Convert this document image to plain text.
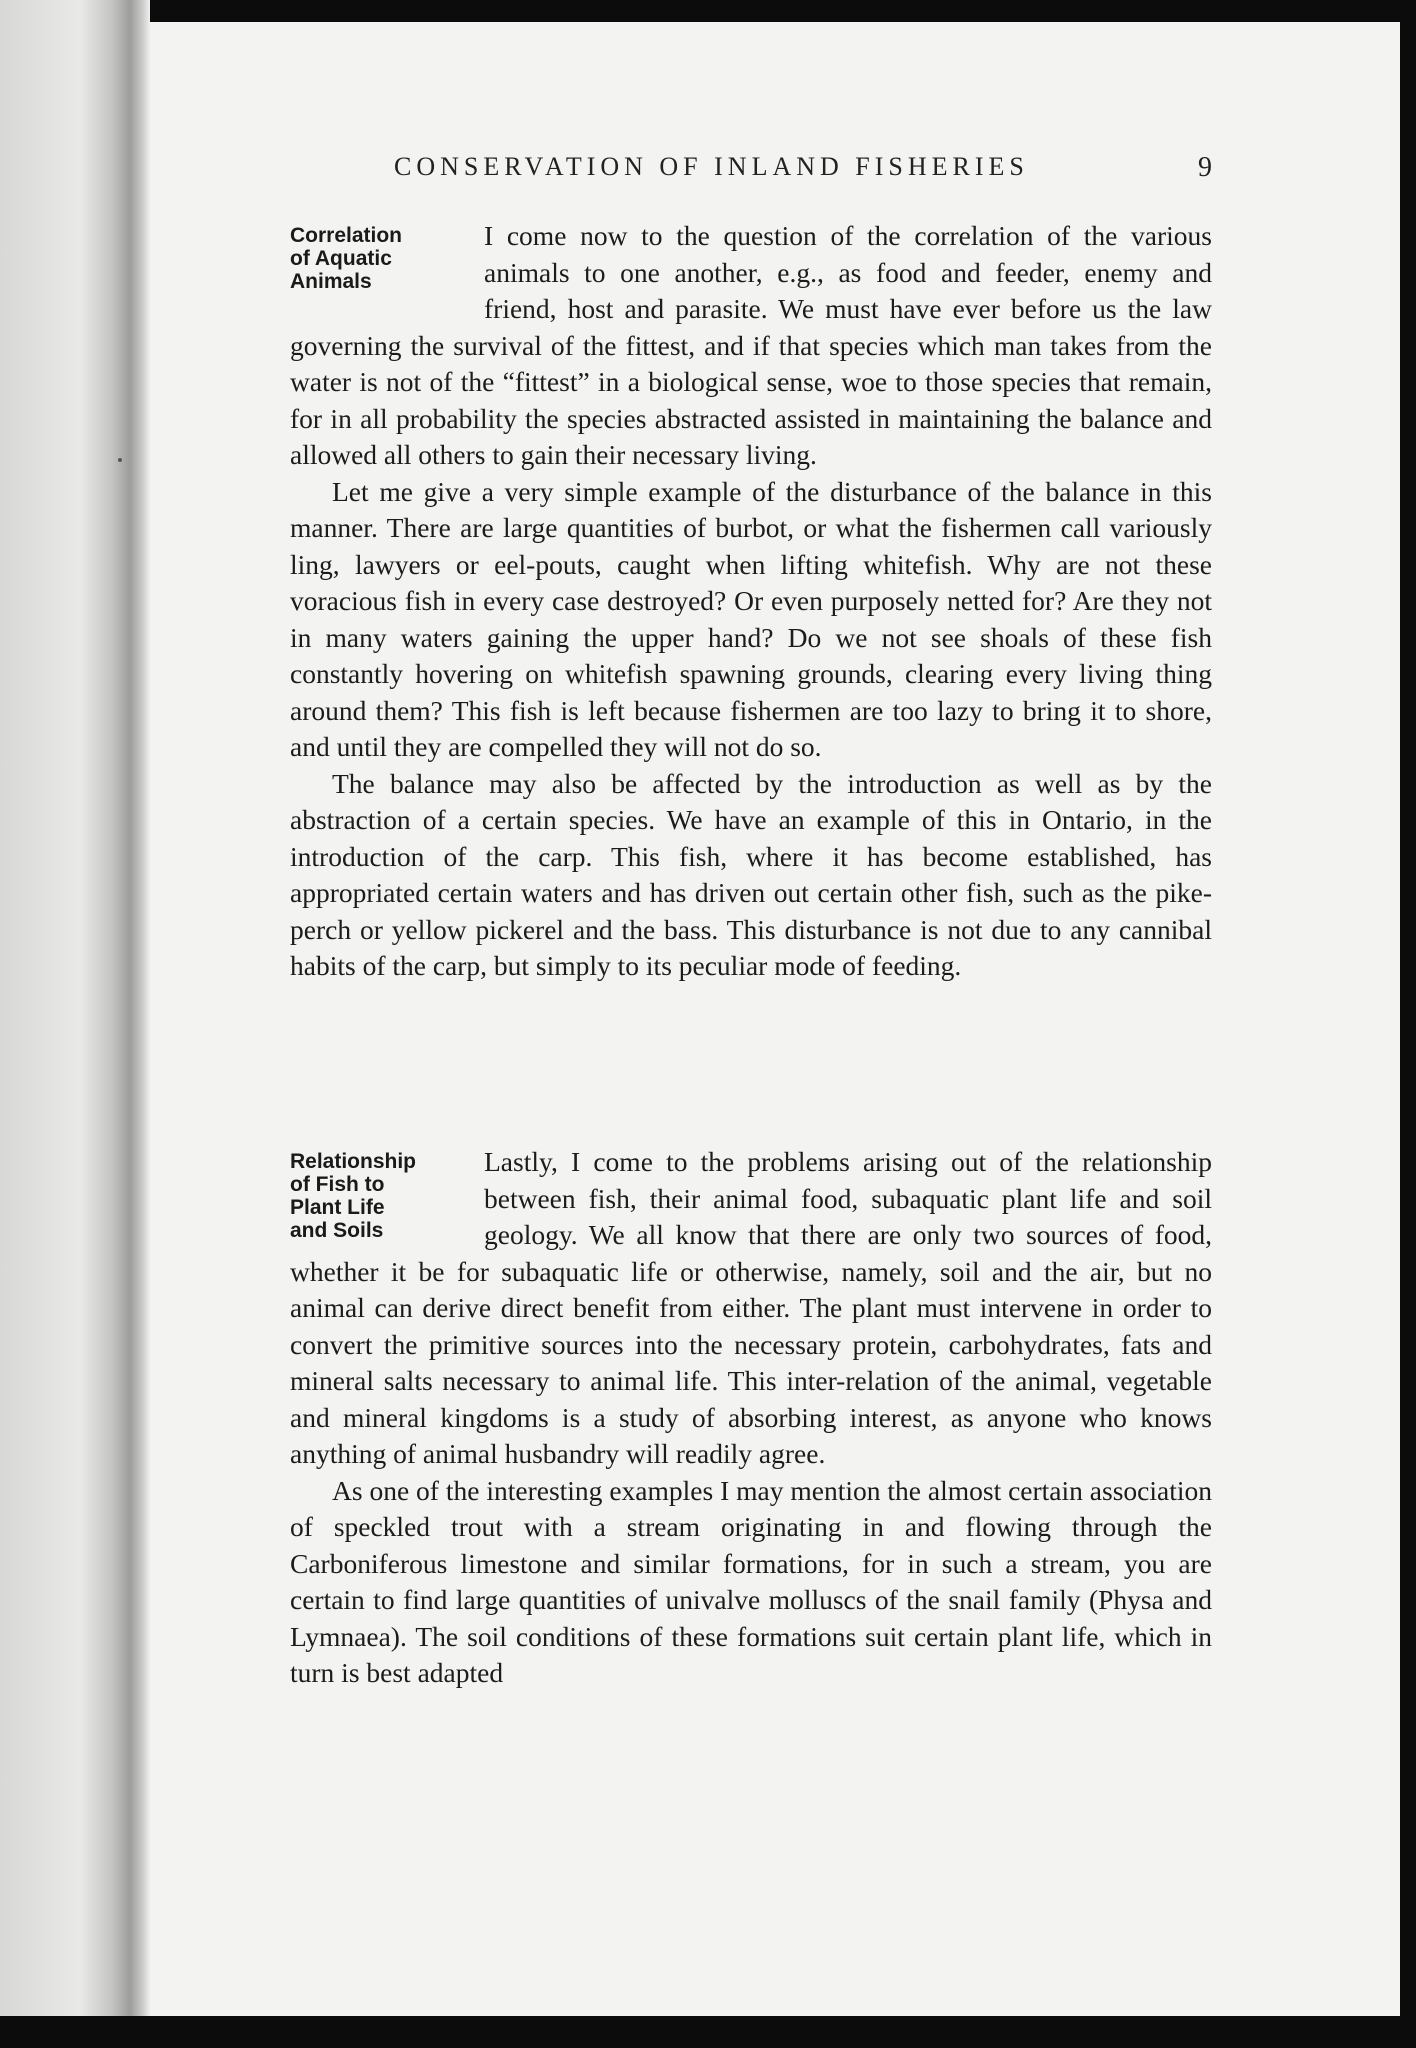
CONSERVATION OF INLAND FISHERIES	9
Correlation
of Aquatic
Animals

I come now to the question of the correlation of the various animals to one another, e.g., as food and feeder, enemy and friend, host and parasite. We must have ever before us the law governing the survival of the fittest, and if that species which man takes from the water is not of the “fittest” in a biological sense, woe to those species that remain, for in all probability the species abstracted assisted in maintaining the balance and allowed all others to gain their necessary living.

Let me give a very simple example of the disturbance of the balance in this manner. There are large quantities of burbot, or what the fishermen call variously ling, lawyers or eel-pouts, caught when lifting whitefish. Why are not these voracious fish in every case destroyed? Or even purposely netted for? Are they not in many waters gaining the upper hand? Do we not see shoals of these fish constantly hovering on whitefish spawning grounds, clearing every living thing around them? This fish is left because fishermen are too lazy to bring it to shore, and until they are compelled they will not do so.

The balance may also be affected by the introduction as well as by the abstraction of a certain species. We have an example of this in Ontario, in the introduction of the carp. This fish, where it has become established, has appropriated certain waters and has driven out certain other fish, such as the pike-perch or yellow pickerel and the bass. This disturbance is not due to any cannibal habits of the carp, but simply to its peculiar mode of feeding.

Relationship
of Fish to
Plant Life
and Soils

Lastly, I come to the problems arising out of the relationship between fish, their animal food, subaquatic plant life and soil geology. We all know that there are only two sources of food, whether it be for subaquatic life or otherwise, namely, soil and the air, but no animal can derive direct benefit from either. The plant must intervene in order to convert the primitive sources into the necessary protein, carbohydrates, fats and mineral salts necessary to animal life. This inter-relation of the animal, vegetable and mineral kingdoms is a study of absorbing interest, as anyone who knows anything of animal husbandry will readily agree.

As one of the interesting examples I may mention the almost certain association of speckled trout with a stream originating in and flowing through the Carboniferous limestone and similar formations, for in such a stream, you are certain to find large quantities of univalve molluscs of the snail family (Physa and Lymnaea). The soil conditions of these formations suit certain plant life, which in turn is best adapted
